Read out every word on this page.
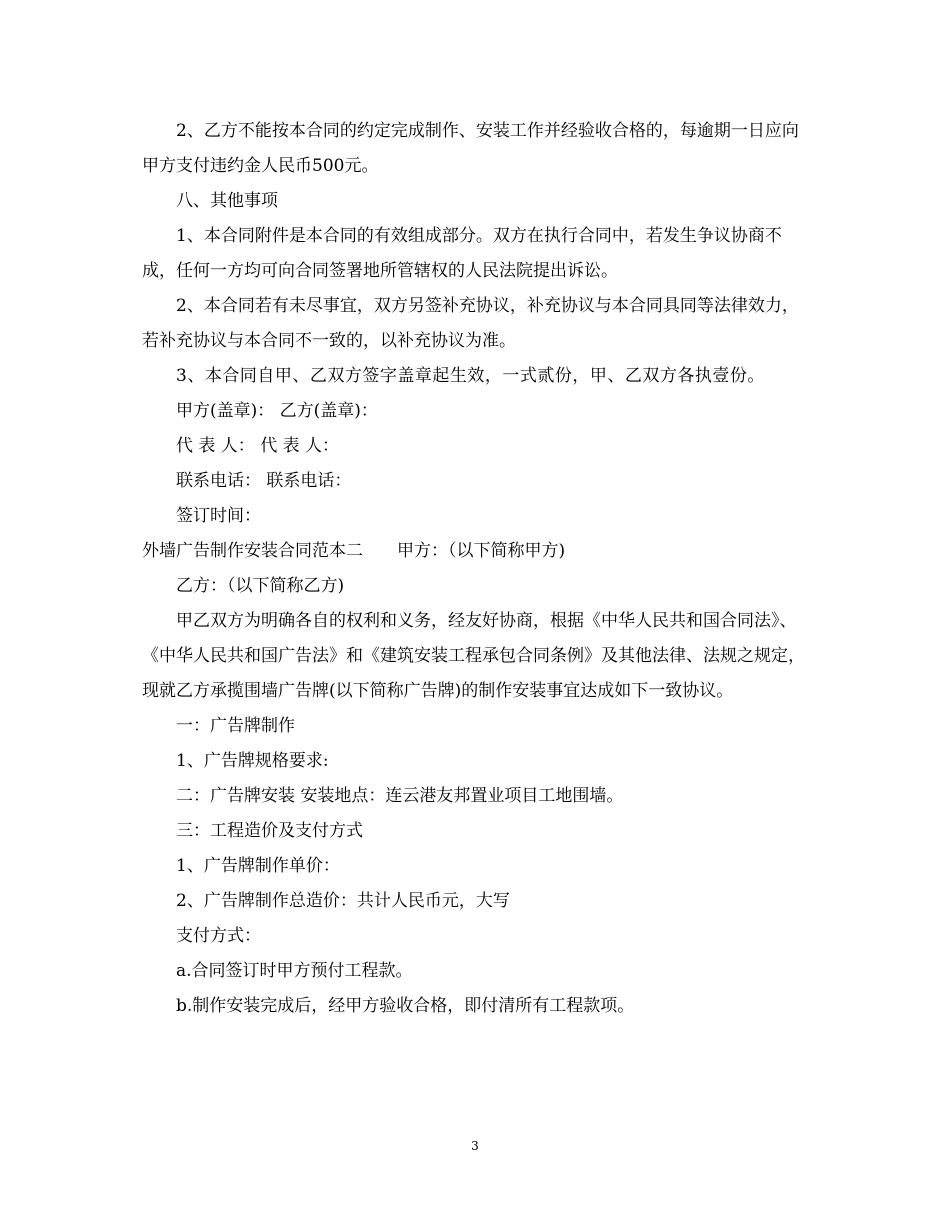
2、乙方不能按本合同的约定完成制作、安装工作并经验收合格的，每逾期一日应向甲方支付违约金人民币500元。

八、其他事项

1、本合同附件是本合同的有效组成部分。双方在执行合同中，若发生争议协商不成，任何一方均可向合同签署地所管辖权的人民法院提出诉讼。

2、本合同若有未尽事宜，双方另签补充协议，补充协议与本合同具同等法律效力，若补充协议与本合同不一致的，以补充协议为准。

3、本合同自甲、乙双方签字盖章起生效，一式贰份，甲、乙双方各执壹份。

甲方(盖章)： 乙方(盖章)：

代 表 人： 代 表 人：

联系电话： 联系电话：

签订时间：

外墙广告制作安装合同范本二　　甲方：（以下简称甲方)

乙方：（以下简称乙方)

甲乙双方为明确各自的权利和义务，经友好协商，根据《中华人民共和国合同法》、《中华人民共和国广告法》和《建筑安装工程承包合同条例》及其他法律、法规之规定，现就乙方承揽围墙广告牌(以下简称广告牌)的制作安装事宜达成如下一致协议。

一：广告牌制作

1、广告牌规格要求:

二：广告牌安装 安装地点：连云港友邦置业项目工地围墙。

三：工程造价及支付方式

1、广告牌制作单价：

2、广告牌制作总造价：共计人民币元，大写

支付方式：

a.合同签订时甲方预付工程款。

b.制作安装完成后，经甲方验收合格，即付清所有工程款项。

3
